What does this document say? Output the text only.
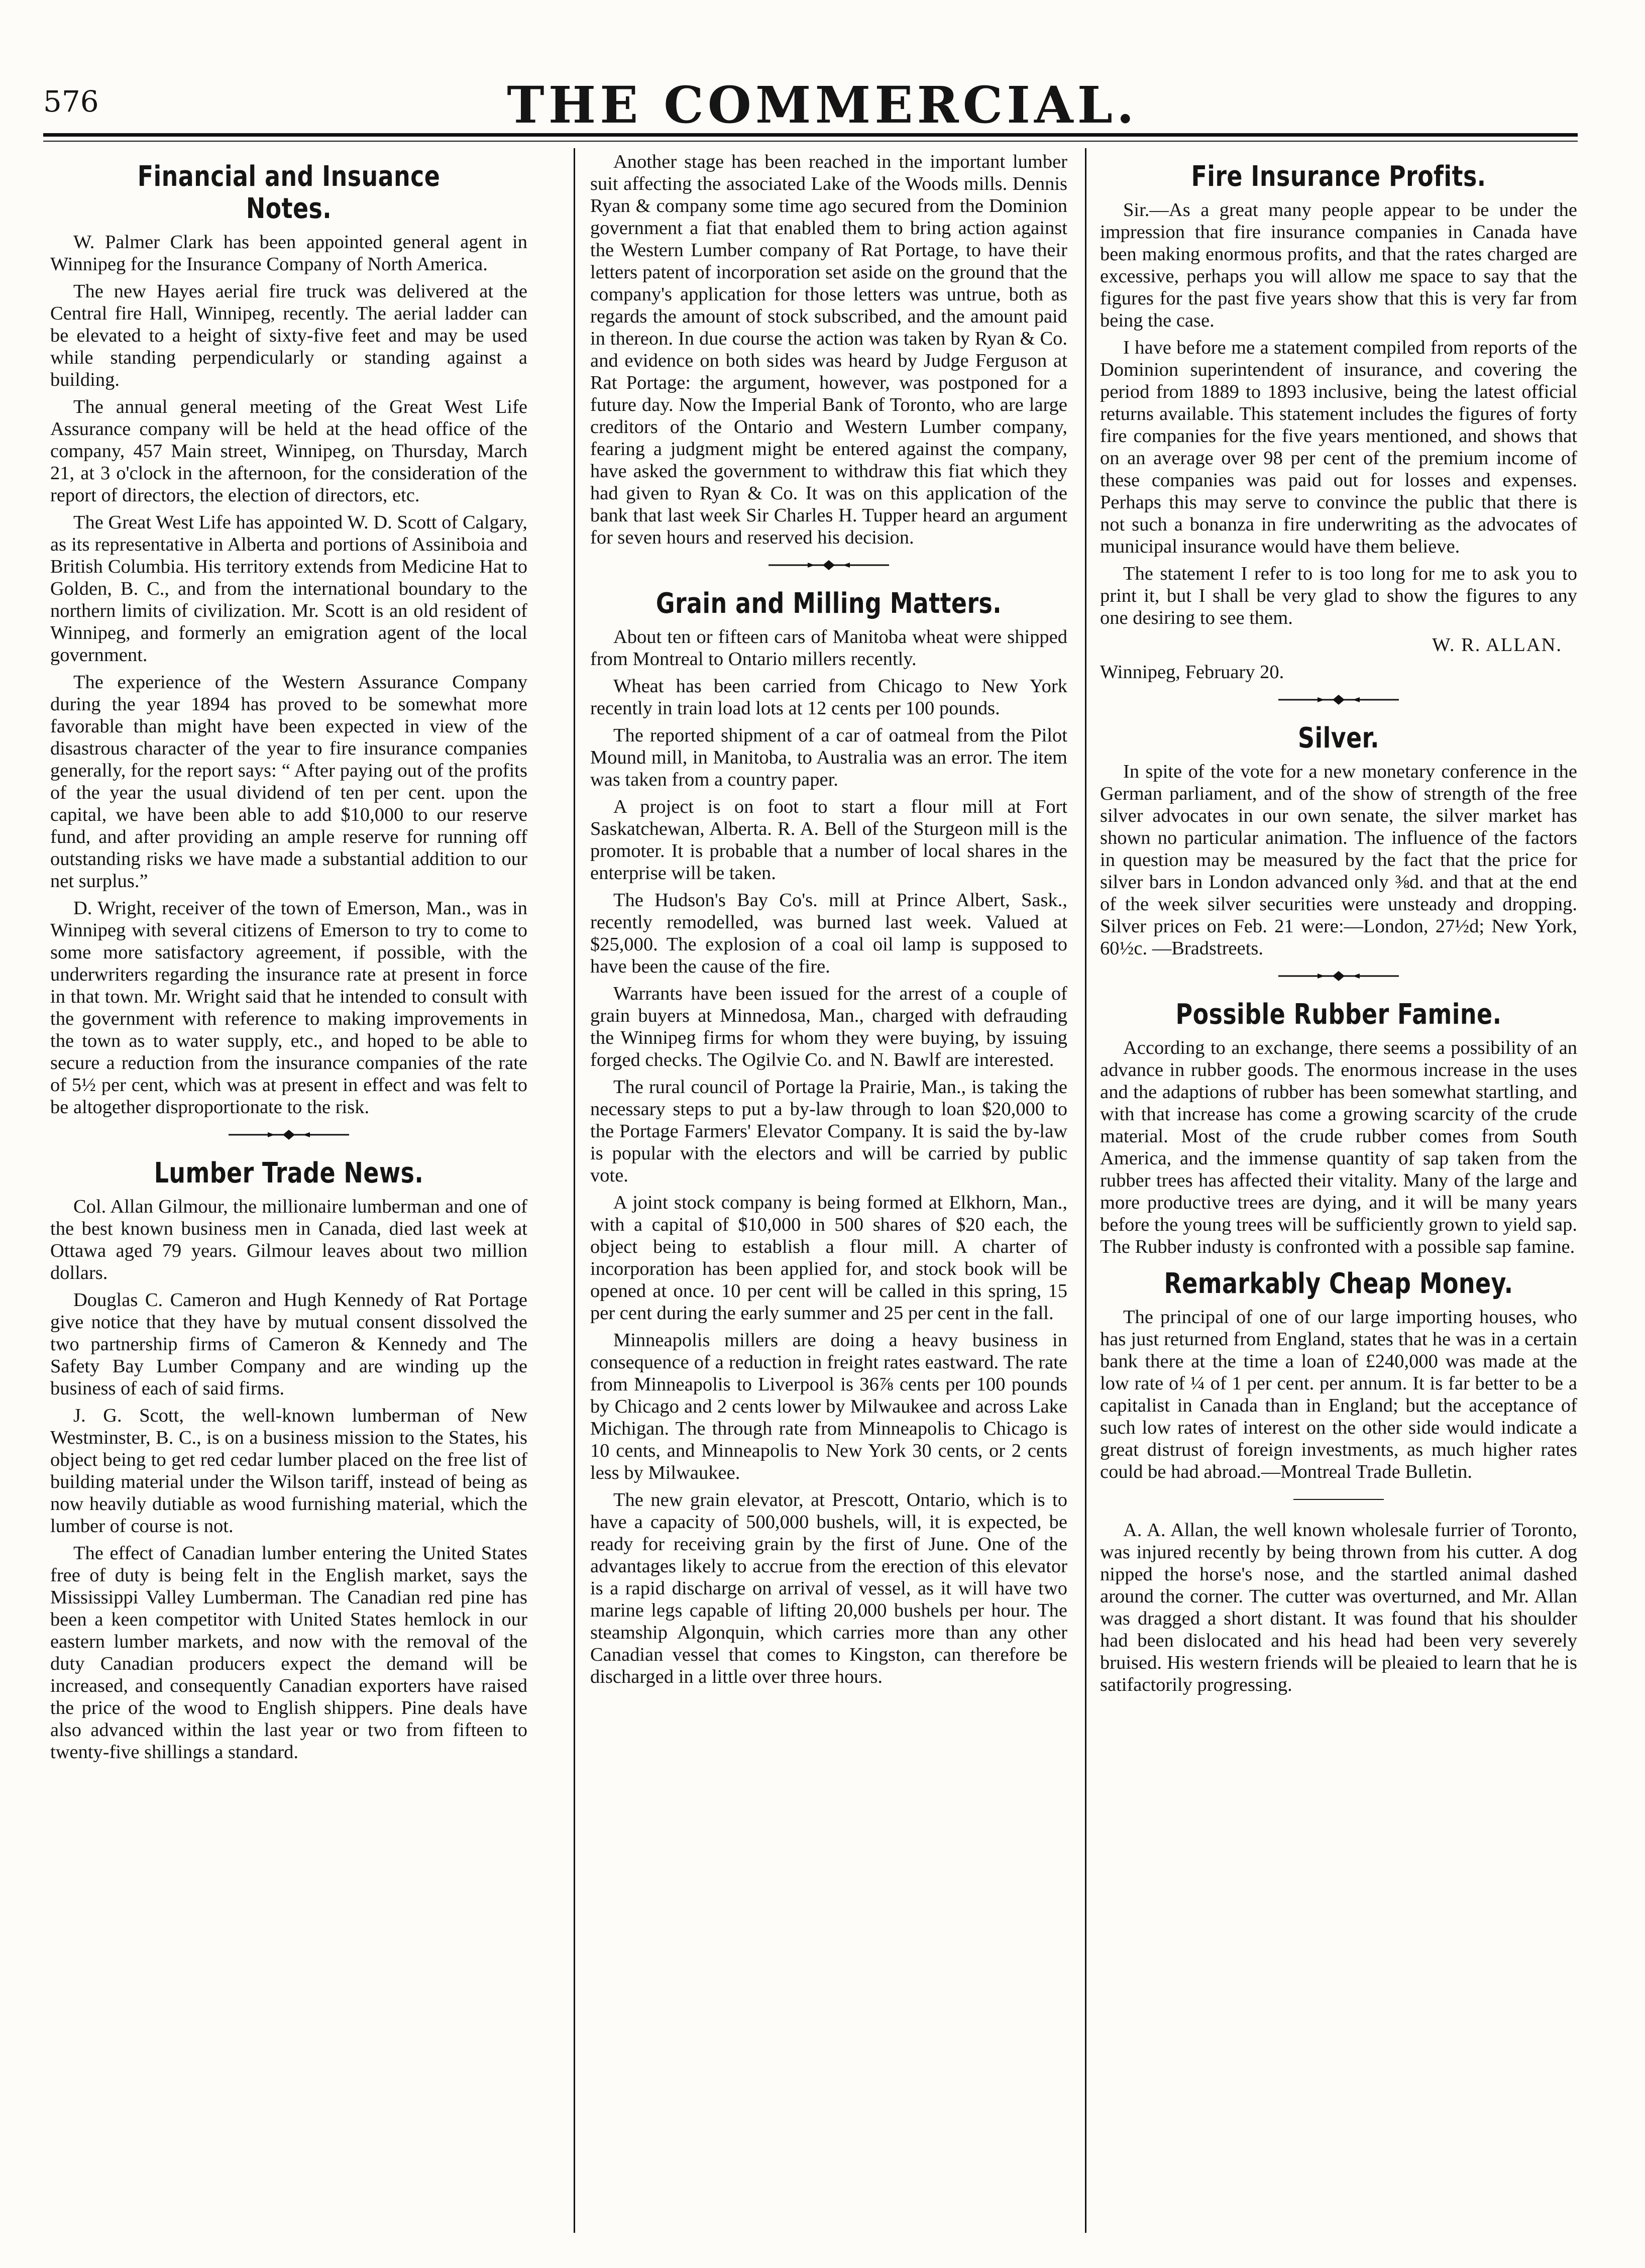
576	THE COMMERCIAL.
Financial and Insuance Notes.

W. Palmer Clark has been appointed general agent in Winnipeg for the Insurance Company of North America.

The new Hayes aerial fire truck was delivered at the Central fire Hall, Winnipeg, recently. The aerial ladder can be elevated to a height of sixty-five feet and may be used while standing perpendicularly or standing against a building.

The annual general meeting of the Great West Life Assurance company will be held at the head office of the company, 457 Main street, Winnipeg, on Thursday, March 21, at 3 o'clock in the afternoon, for the consideration of the report of directors, the election of directors, etc.

The Great West Life has appointed W. D. Scott of Calgary, as its representative in Alberta and portions of Assiniboia and British Columbia. His territory extends from Medicine Hat to Golden, B. C., and from the international boundary to the northern limits of civilization. Mr. Scott is an old resident of Winnipeg, and formerly an emigration agent of the local government.

The experience of the Western Assurance Company during the year 1894 has proved to be somewhat more favorable than might have been expected in view of the disastrous character of the year to fire insurance companies generally, for the report says: “ After paying out of the profits of the year the usual dividend of ten per cent. upon the capital, we have been able to add $10,000 to our reserve fund, and after providing an ample reserve for running off outstanding risks we have made a substantial addition to our net surplus.”

D. Wright, receiver of the town of Emerson, Man., was in Winnipeg with several citizens of Emerson to try to come to some more satisfactory agreement, if possible, with the underwriters regarding the insurance rate at present in force in that town. Mr. Wright said that he intended to consult with the government with reference to making improvements in the town as to water supply, etc., and hoped to be able to secure a reduction from the insurance companies of the rate of 5½ per cent, which was at present in effect and was felt to be altogether disproportionate to the risk.

Lumber Trade News.

Col. Allan Gilmour, the millionaire lumberman and one of the best known business men in Canada, died last week at Ottawa aged 79 years. Gilmour leaves about two million dollars.

Douglas C. Cameron and Hugh Kennedy of Rat Portage give notice that they have by mutual consent dissolved the two partnership firms of Cameron & Kennedy and The Safety Bay Lumber Company and are winding up the business of each of said firms.

J. G. Scott, the well-known lumberman of New Westminster, B. C., is on a business mission to the States, his object being to get red cedar lumber placed on the free list of building material under the Wilson tariff, instead of being as now heavily dutiable as wood furnishing material, which the lumber of course is not.

The effect of Canadian lumber entering the United States free of duty is being felt in the English market, says the Mississippi Valley Lumberman. The Canadian red pine has been a keen competitor with United States hemlock in our eastern lumber markets, and now with the removal of the duty Canadian producers expect the demand will be increased, and consequently Canadian exporters have raised the price of the wood to English shippers. Pine deals have also advanced within the last year or two from fifteen to twenty-five shillings a standard.

Another stage has been reached in the important lumber suit affecting the associated Lake of the Woods mills. Dennis Ryan & company some time ago secured from the Dominion government a fiat that enabled them to bring action against the Western Lumber company of Rat Portage, to have their letters patent of incorporation set aside on the ground that the company's application for those letters was untrue, both as regards the amount of stock subscribed, and the amount paid in thereon. In due course the action was taken by Ryan & Co. and evidence on both sides was heard by Judge Ferguson at Rat Portage: the argument, however, was postponed for a future day. Now the Imperial Bank of Toronto, who are large creditors of the Ontario and Western Lumber company, fearing a judgment might be entered against the company, have asked the government to withdraw this fiat which they had given to Ryan & Co. It was on this application of the bank that last week Sir Charles H. Tupper heard an argument for seven hours and reserved his decision.

Grain and Milling Matters.

About ten or fifteen cars of Manitoba wheat were shipped from Montreal to Ontario millers recently.

Wheat has been carried from Chicago to New York recently in train load lots at 12 cents per 100 pounds.

The reported shipment of a car of oatmeal from the Pilot Mound mill, in Manitoba, to Australia was an error. The item was taken from a country paper.

A project is on foot to start a flour mill at Fort Saskatchewan, Alberta. R. A. Bell of the Sturgeon mill is the promoter. It is probable that a number of local shares in the enterprise will be taken.

The Hudson's Bay Co's. mill at Prince Albert, Sask., recently remodelled, was burned last week. Valued at $25,000. The explosion of a coal oil lamp is supposed to have been the cause of the fire.

Warrants have been issued for the arrest of a couple of grain buyers at Minnedosa, Man., charged with defrauding the Winnipeg firms for whom they were buying, by issuing forged checks. The Ogilvie Co. and N. Bawlf are interested.

The rural council of Portage la Prairie, Man., is taking the necessary steps to put a by-law through to loan $20,000 to the Portage Farmers' Elevator Company. It is said the by-law is popular with the electors and will be carried by public vote.

A joint stock company is being formed at Elkhorn, Man., with a capital of $10,000 in 500 shares of $20 each, the object being to establish a flour mill. A charter of incorporation has been applied for, and stock book will be opened at once. 10 per cent will be called in this spring, 15 per cent during the early summer and 25 per cent in the fall.

Minneapolis millers are doing a heavy business in consequence of a reduction in freight rates eastward. The rate from Minneapolis to Liverpool is 36⅞ cents per 100 pounds by Chicago and 2 cents lower by Milwaukee and across Lake Michigan. The through rate from Minneapolis to Chicago is 10 cents, and Minneapolis to New York 30 cents, or 2 cents less by Milwaukee.

The new grain elevator, at Prescott, Ontario, which is to have a capacity of 500,000 bushels, will, it is expected, be ready for receiving grain by the first of June. One of the advantages likely to accrue from the erection of this elevator is a rapid discharge on arrival of vessel, as it will have two marine legs capable of lifting 20,000 bushels per hour. The steamship Algonquin, which carries more than any other Canadian vessel that comes to Kingston, can therefore be discharged in a little over three hours.

Fire Insurance Profits.

Sir.—As a great many people appear to be under the impression that fire insurance companies in Canada have been making enormous profits, and that the rates charged are excessive, perhaps you will allow me space to say that the figures for the past five years show that this is very far from being the case.

I have before me a statement compiled from reports of the Dominion superintendent of insurance, and covering the period from 1889 to 1893 inclusive, being the latest official returns available. This statement includes the figures of forty fire companies for the five years mentioned, and shows that on an average over 98 per cent of the premium income of these companies was paid out for losses and expenses. Perhaps this may serve to convince the public that there is not such a bonanza in fire underwriting as the advocates of municipal insurance would have them believe.

The statement I refer to is too long for me to ask you to print it, but I shall be very glad to show the figures to any one desiring to see them.

W. R. ALLAN.

Winnipeg, February 20.

Silver.

In spite of the vote for a new monetary conference in the German parliament, and of the show of strength of the free silver advocates in our own senate, the silver market has shown no particular animation. The influence of the factors in question may be measured by the fact that the price for silver bars in London advanced only ⅜d. and that at the end of the week silver securities were unsteady and dropping. Silver prices on Feb. 21 were:—London, 27½d; New York, 60½c. —Bradstreets.

Possible Rubber Famine.

According to an exchange, there seems a possibility of an advance in rubber goods. The enormous increase in the uses and the adaptions of rubber has been somewhat startling, and with that increase has come a growing scarcity of the crude material. Most of the crude rubber comes from South America, and the immense quantity of sap taken from the rubber trees has affected their vitality. Many of the large and more productive trees are dying, and it will be many years before the young trees will be sufficiently grown to yield sap. The Rubber industy is confronted with a possible sap famine.

Remarkably Cheap Money.

The principal of one of our large importing houses, who has just returned from England, states that he was in a certain bank there at the time a loan of £240,000 was made at the low rate of ¼ of 1 per cent. per annum. It is far better to be a capitalist in Canada than in England; but the acceptance of such low rates of interest on the other side would indicate a great distrust of foreign investments, as much higher rates could be had abroad.—Montreal Trade Bulletin.

A. A. Allan, the well known wholesale furrier of Toronto, was injured recently by being thrown from his cutter. A dog nipped the horse's nose, and the startled animal dashed around the corner. The cutter was overturned, and Mr. Allan was dragged a short distant. It was found that his shoulder had been dislocated and his head had been very severely bruised. His western friends will be pleaied to learn that he is satifactorily progressing.
